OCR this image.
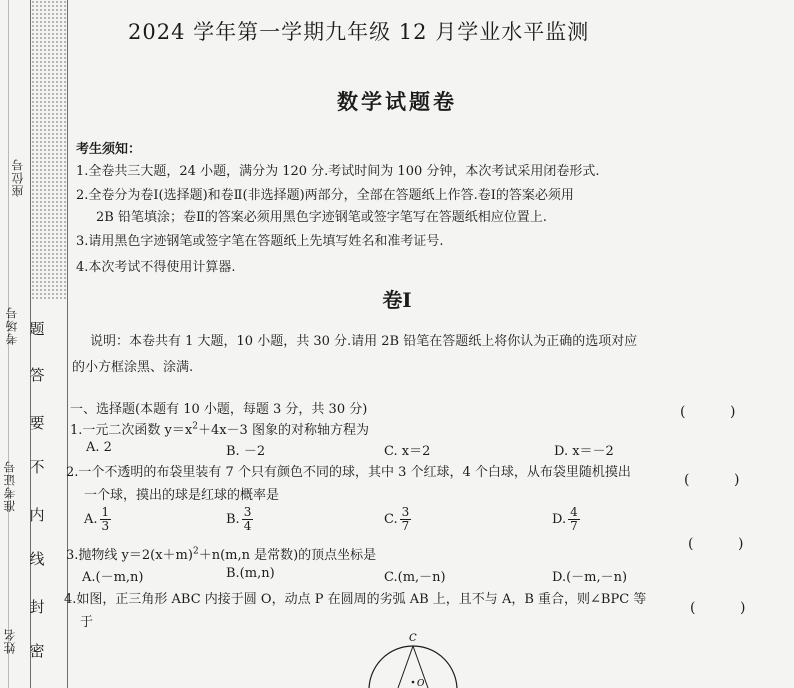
座位号
考场号
准考证号
姓名
题
答
要
不
内
线
封
密
2024 学年第一学期九年级 12 月学业水平监测
数学试题卷
考生须知：
1.全卷共三大题，24 小题，满分为 120 分.考试时间为 100 分钟，本次考试采用闭卷形式.
2.全卷分为卷Ⅰ(选择题)和卷Ⅱ(非选择题)两部分，全部在答题纸上作答.卷Ⅰ的答案必须用
2B 铅笔填涂；卷Ⅱ的答案必须用黑色字迹钢笔或签字笔写在答题纸相应位置上.
3.请用黑色字迹钢笔或签字笔在答题纸上先填写姓名和准考证号.
4.本次考试不得使用计算器.
卷Ⅰ
说明：本卷共有 1 大题，10 小题，共 30 分.请用 2B 铅笔在答题纸上将你认为正确的选项对应
的小方框涂黑、涂满.
一、选择题(本题有 10 小题，每题 3 分，共 30 分)	(          )
1.一元二次函数 $y=x^2+4x-3$ 图象的对称轴方程为
A. 2	B. －2	C. x＝2	D. x＝－2
2.一个不透明的布袋里装有 7 个只有颜色不同的球，其中 3 个红球，4 个白球，从布袋里随机摸出
一个球，摸出的球是红球的概率是
(          )
A. $\frac{1}{3}$	B. $\frac{3}{4}$	C. $\frac{3}{7}$	D. $\frac{4}{7}$
3.抛物线 $y=2(x+m)^2+n(m,n$ 是常数)的顶点坐标是
(          )
A.(－m,n)	B.(m,n)	C.(m,－n)	D.(－m,－n)
4.如图，正三角形 ABC 内接于圆 O，动点 P 在圆周的劣弧 AB 上，且不与 A，B 重合，则∠BPC 等
于
(          )
C
O
